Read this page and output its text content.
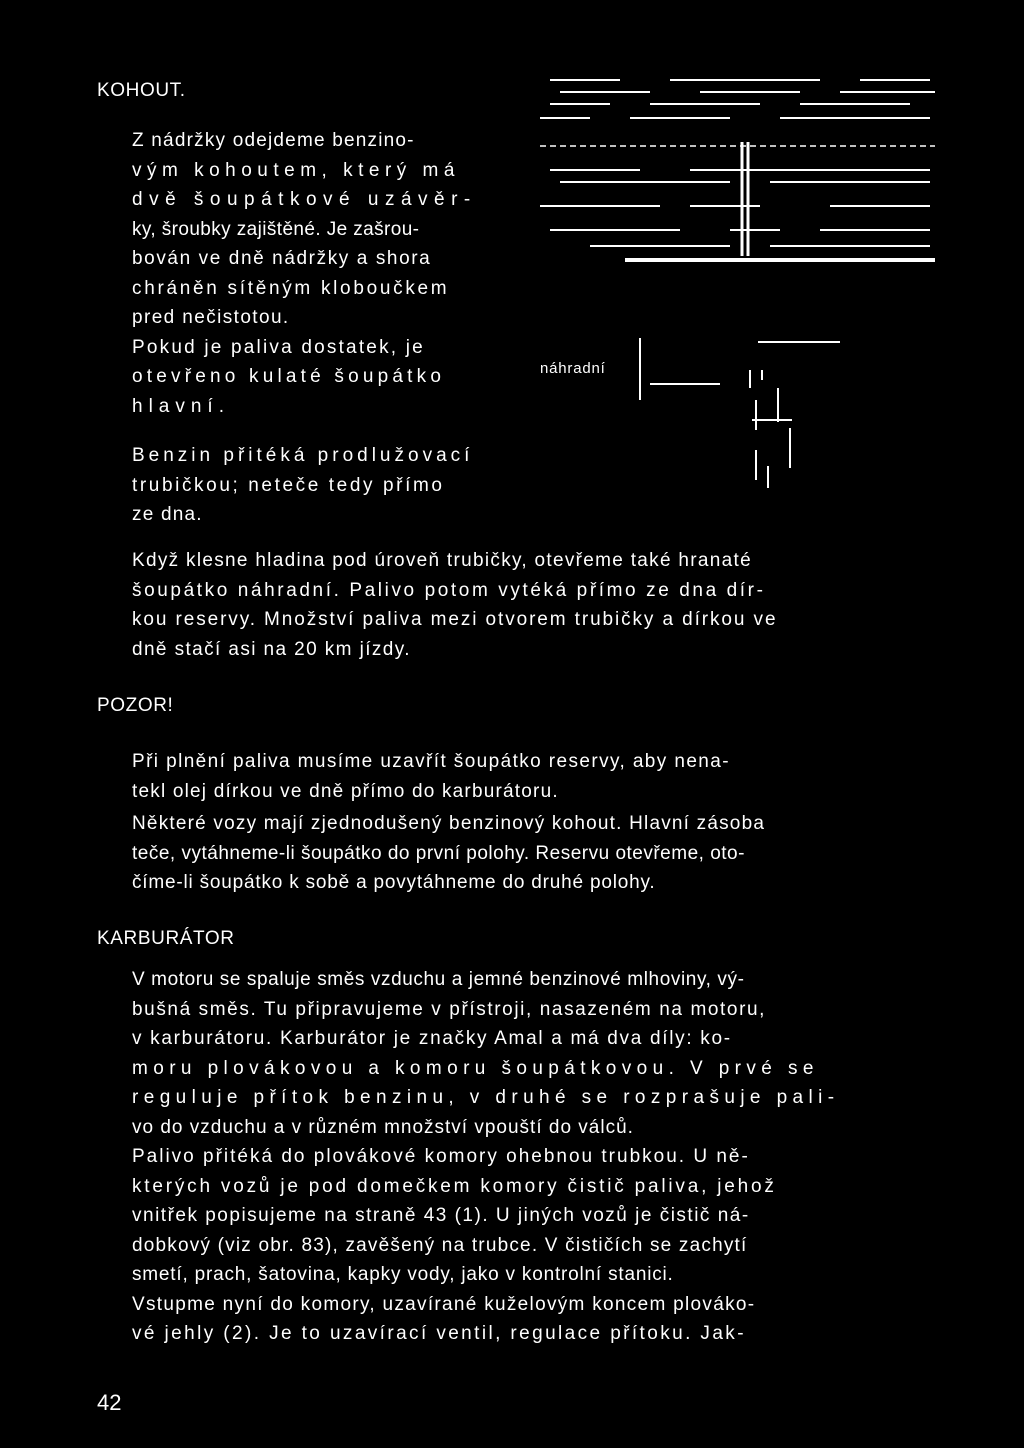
KOHOUT.
Z nádržky odejdeme benzino-
vým kohoutem, který má
dvě šoupátkové uzávěr-
ky, šroubky zajištěné. Je zašrou-
bován ve dně nádržky a shora
chráněn sítěným kloboučkem
pred nečistotou.
Pokud je paliva dostatek, je
otevřeno kulaté šoupátko
hlavní.
Benzin přitéká prodlužovací
trubičkou; neteče tedy přímo
ze dna.
náhradní
Když klesne hladina pod úroveň trubičky, otevřeme také hranaté
šoupátko náhradní. Palivo potom vytéká přímo ze dna dír-
kou reservy. Množství paliva mezi otvorem trubičky a dírkou ve
dně stačí asi na 20 km jízdy.
POZOR!
Při plnění paliva musíme uzavřít šoupátko reservy, aby nena-
tekl olej dírkou ve dně přímo do karburátoru.
Některé vozy mají zjednodušený benzinový kohout. Hlavní zásoba
teče, vytáhneme-li šoupátko do první polohy. Reservu otevřeme, oto-
číme-li šoupátko k sobě a povytáhneme do druhé polohy.
KARBURÁTOR
V motoru se spaluje směs vzduchu a jemné benzinové mlhoviny, vý-
bušná směs. Tu připravujeme v přístroji, nasazeném na motoru,
v karburátoru. Karburátor je značky Amal a má dva díly: ko-
moru plovákovou a komoru šoupátkovou. V prvé se
reguluje přítok benzinu, v druhé se rozprašuje pali-
vo do vzduchu a v různém množství vpouští do válců.
Palivo přitéká do plovákové komory ohebnou trubkou. U ně-
kterých vozů je pod domečkem komory čistič paliva, jehož
vnitřek popisujeme na straně 43 (1). U jiných vozů je čistič ná-
dobkový (viz obr. 83), zavěšený na trubce. V čističích se zachytí
smetí, prach, šatovina, kapky vody, jako v kontrolní stanici.
Vstupme nyní do komory, uzavírané kuželovým koncem plováko-
vé jehly (2). Je to uzavírací ventil, regulace přítoku. Jak-
42
